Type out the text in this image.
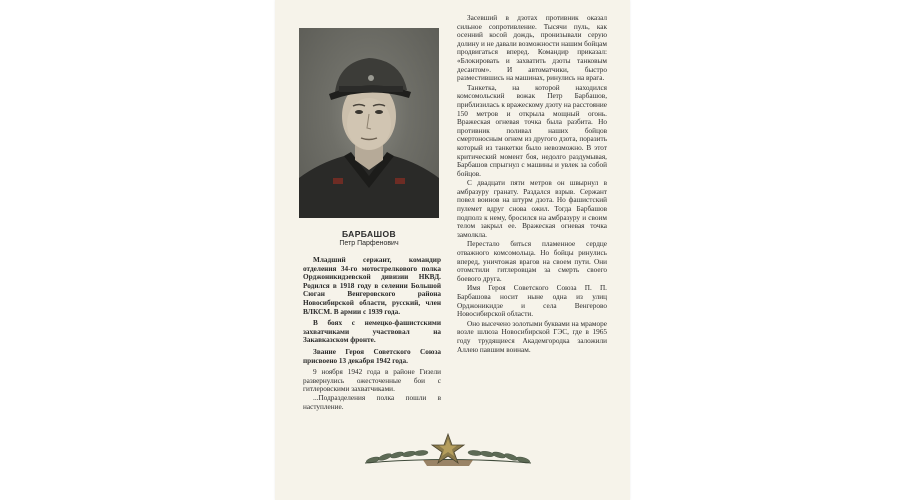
БАРБАШОВ
Петр Парфенович

Младший сержант, командир отделения 34-го мотострелкового полка Орджоникидзевской дивизии НКВД. Родился в 1918 году в селении Большой Сюган Венгеровского района Новосибирской области, русский, член ВЛКСМ. В армии с 1939 года.

В боях с немецко-фашистскими захватчиками участвовал на Закавказском фронте.

Звание Героя Советского Союза присвоено 13 декабря 1942 года.

9 ноября 1942 года в районе Гизели развернулись ожесточенные бои с гитлеровскими захватчиками.

...Подразделения полка пошли в наступление.

Засевший в дзотах противник оказал сильное сопротивление. Тысячи пуль, как осенний косой дождь, пронизывали серую долину и не давали возможности нашим бойцам продвигаться вперед. Командир приказал: «Блокировать и захватить дзоты танковым десантом». И автоматчики, быстро разместившись на машинах, ринулись на врага.

Танкетка, на которой находился комсомольский вожак Петр Барбашов, приблизилась к вражескому дзоту на расстояние 150 метров и открыла мощный огонь. Вражеская огневая точка была разбита. Но противник поливал наших бойцов смертоносным огнем из другого дзота, поразить который из танкетки было невозможно. В этот критический момент боя, недолго раздумывая, Барбашов спрыгнул с машины и увлек за собой бойцов.

С двадцати пяти метров он швырнул в амбразуру гранату. Раздался взрыв. Сержант повел воинов на штурм дзота. Но фашистский пулемет вдруг снова ожил. Тогда Барбашов подполз к нему, бросился на амбразуру и своим телом закрыл ее. Вражеская огневая точка замолкла.

Перестало биться пламенное сердце отважного комсомольца. Но бойцы ринулись вперед, уничтожая врагов на своем пути. Они отомстили гитлеровцам за смерть своего боевого друга.

Имя Героя Советского Союза П. П. Барбашова носит ныне одна из улиц Орджоникидзе и села Венгерово Новосибирской области.

Оно высечено золотыми буквами на мраморе возле шлюза Новосибирской ГЭС, где в 1965 году трудящиеся Академгородка заложили Аллею павшим воинам.
